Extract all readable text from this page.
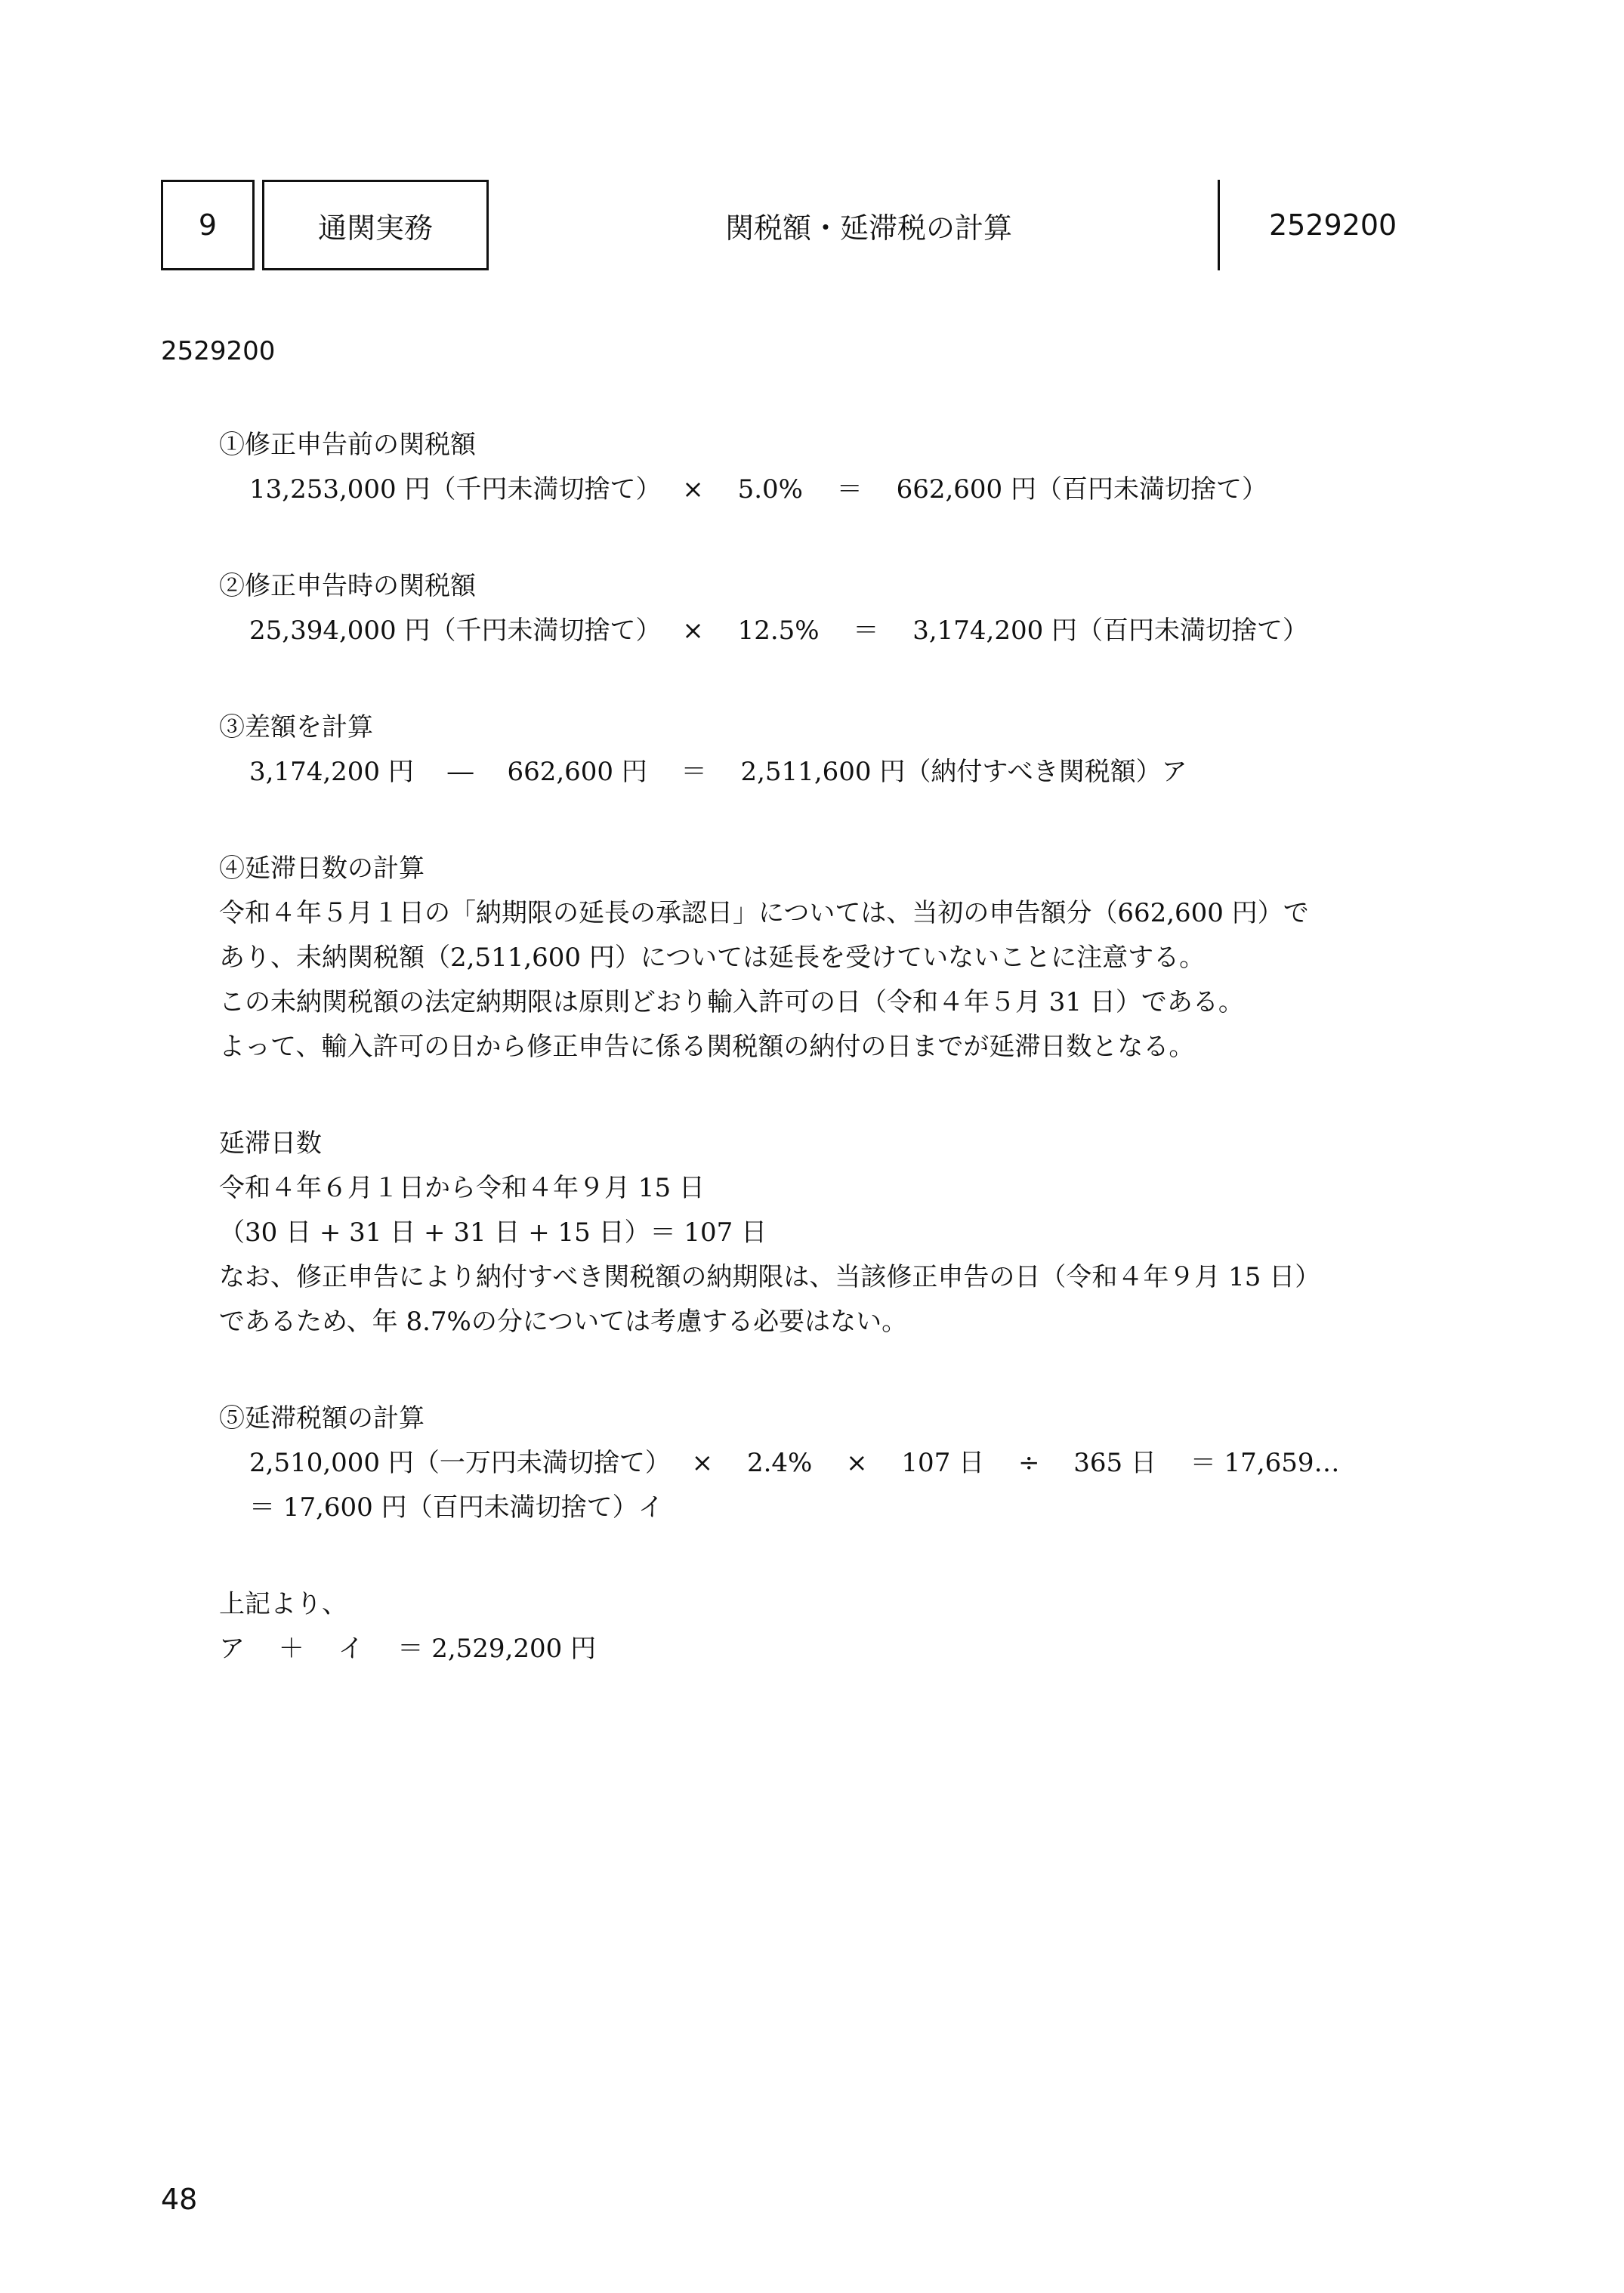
9	通関実務	関税額・延滞税の計算	2529200
2529200
①修正申告前の関税額
13,253,000 円（千円未満切捨て）　 ×　 5.0%　 ＝　 662,600 円（百円未満切捨て）
②修正申告時の関税額
25,394,000 円（千円未満切捨て）　 ×　 12.5%　 ＝　 3,174,200 円（百円未満切捨て）
③差額を計算
3,174,200 円　 ―　 662,600 円　 ＝　 2,511,600 円（納付すべき関税額）ア
④延滞日数の計算
令和４年５月１日の「納期限の延長の承認日」については、当初の申告額分（662,600 円）で
あり、未納関税額（2,511,600 円）については延長を受けていないことに注意する。
この未納関税額の法定納期限は原則どおり輸入許可の日（令和４年５月 31 日）である。
よって、輸入許可の日から修正申告に係る関税額の納付の日までが延滞日数となる。
延滞日数
令和４年６月１日から令和４年９月 15 日
（30 日 + 31 日 + 31 日 + 15 日）＝ 107 日
なお、修正申告により納付すべき関税額の納期限は、当該修正申告の日（令和４年９月 15 日）
であるため、年 8.7%の分については考慮する必要はない。
⑤延滞税額の計算
2,510,000 円（一万円未満切捨て）　 ×　 2.4%　 ×　 107 日　 ÷　 365 日　 ＝ 17,659…
＝ 17,600 円（百円未満切捨て）イ
上記より、
ア　 ＋　 イ　 ＝ 2,529,200 円
48
